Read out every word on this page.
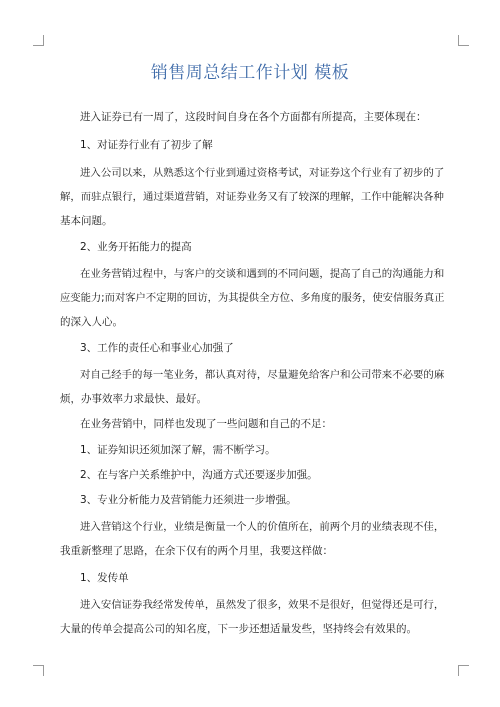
销售周总结工作计划 模板
进入证券已有一周了，这段时间自身在各个方面都有所提高，主要体现在：
1、对证券行业有了初步了解
进入公司以来，从熟悉这个行业到通过资格考试，对证券这个行业有了初步的了
解，而驻点银行，通过渠道营销，对证券业务又有了较深的理解，工作中能解决各种
基本问题。
2、业务开拓能力的提高
在业务营销过程中，与客户的交谈和遇到的不同问题，提高了自己的沟通能力和
应变能力;而对客户不定期的回访，为其提供全方位、多角度的服务，使安信服务真正
的深入人心。
3、工作的责任心和事业心加强了
对自己经手的每一笔业务，都认真对待，尽量避免给客户和公司带来不必要的麻
烦，办事效率力求最快、最好。
在业务营销中，同样也发现了一些问题和自己的不足：
1、证券知识还须加深了解，需不断学习。
2、在与客户关系维护中，沟通方式还要逐步加强。
3、专业分析能力及营销能力还须进一步增强。
进入营销这个行业，业绩是衡量一个人的价值所在，前两个月的业绩表现不佳，
我重新整理了思路，在余下仅有的两个月里，我要这样做：
1、发传单
进入安信证券我经常发传单，虽然发了很多，效果不是很好，但觉得还是可行，
大量的传单会提高公司的知名度，下一步还想适量发些，坚持终会有效果的。
